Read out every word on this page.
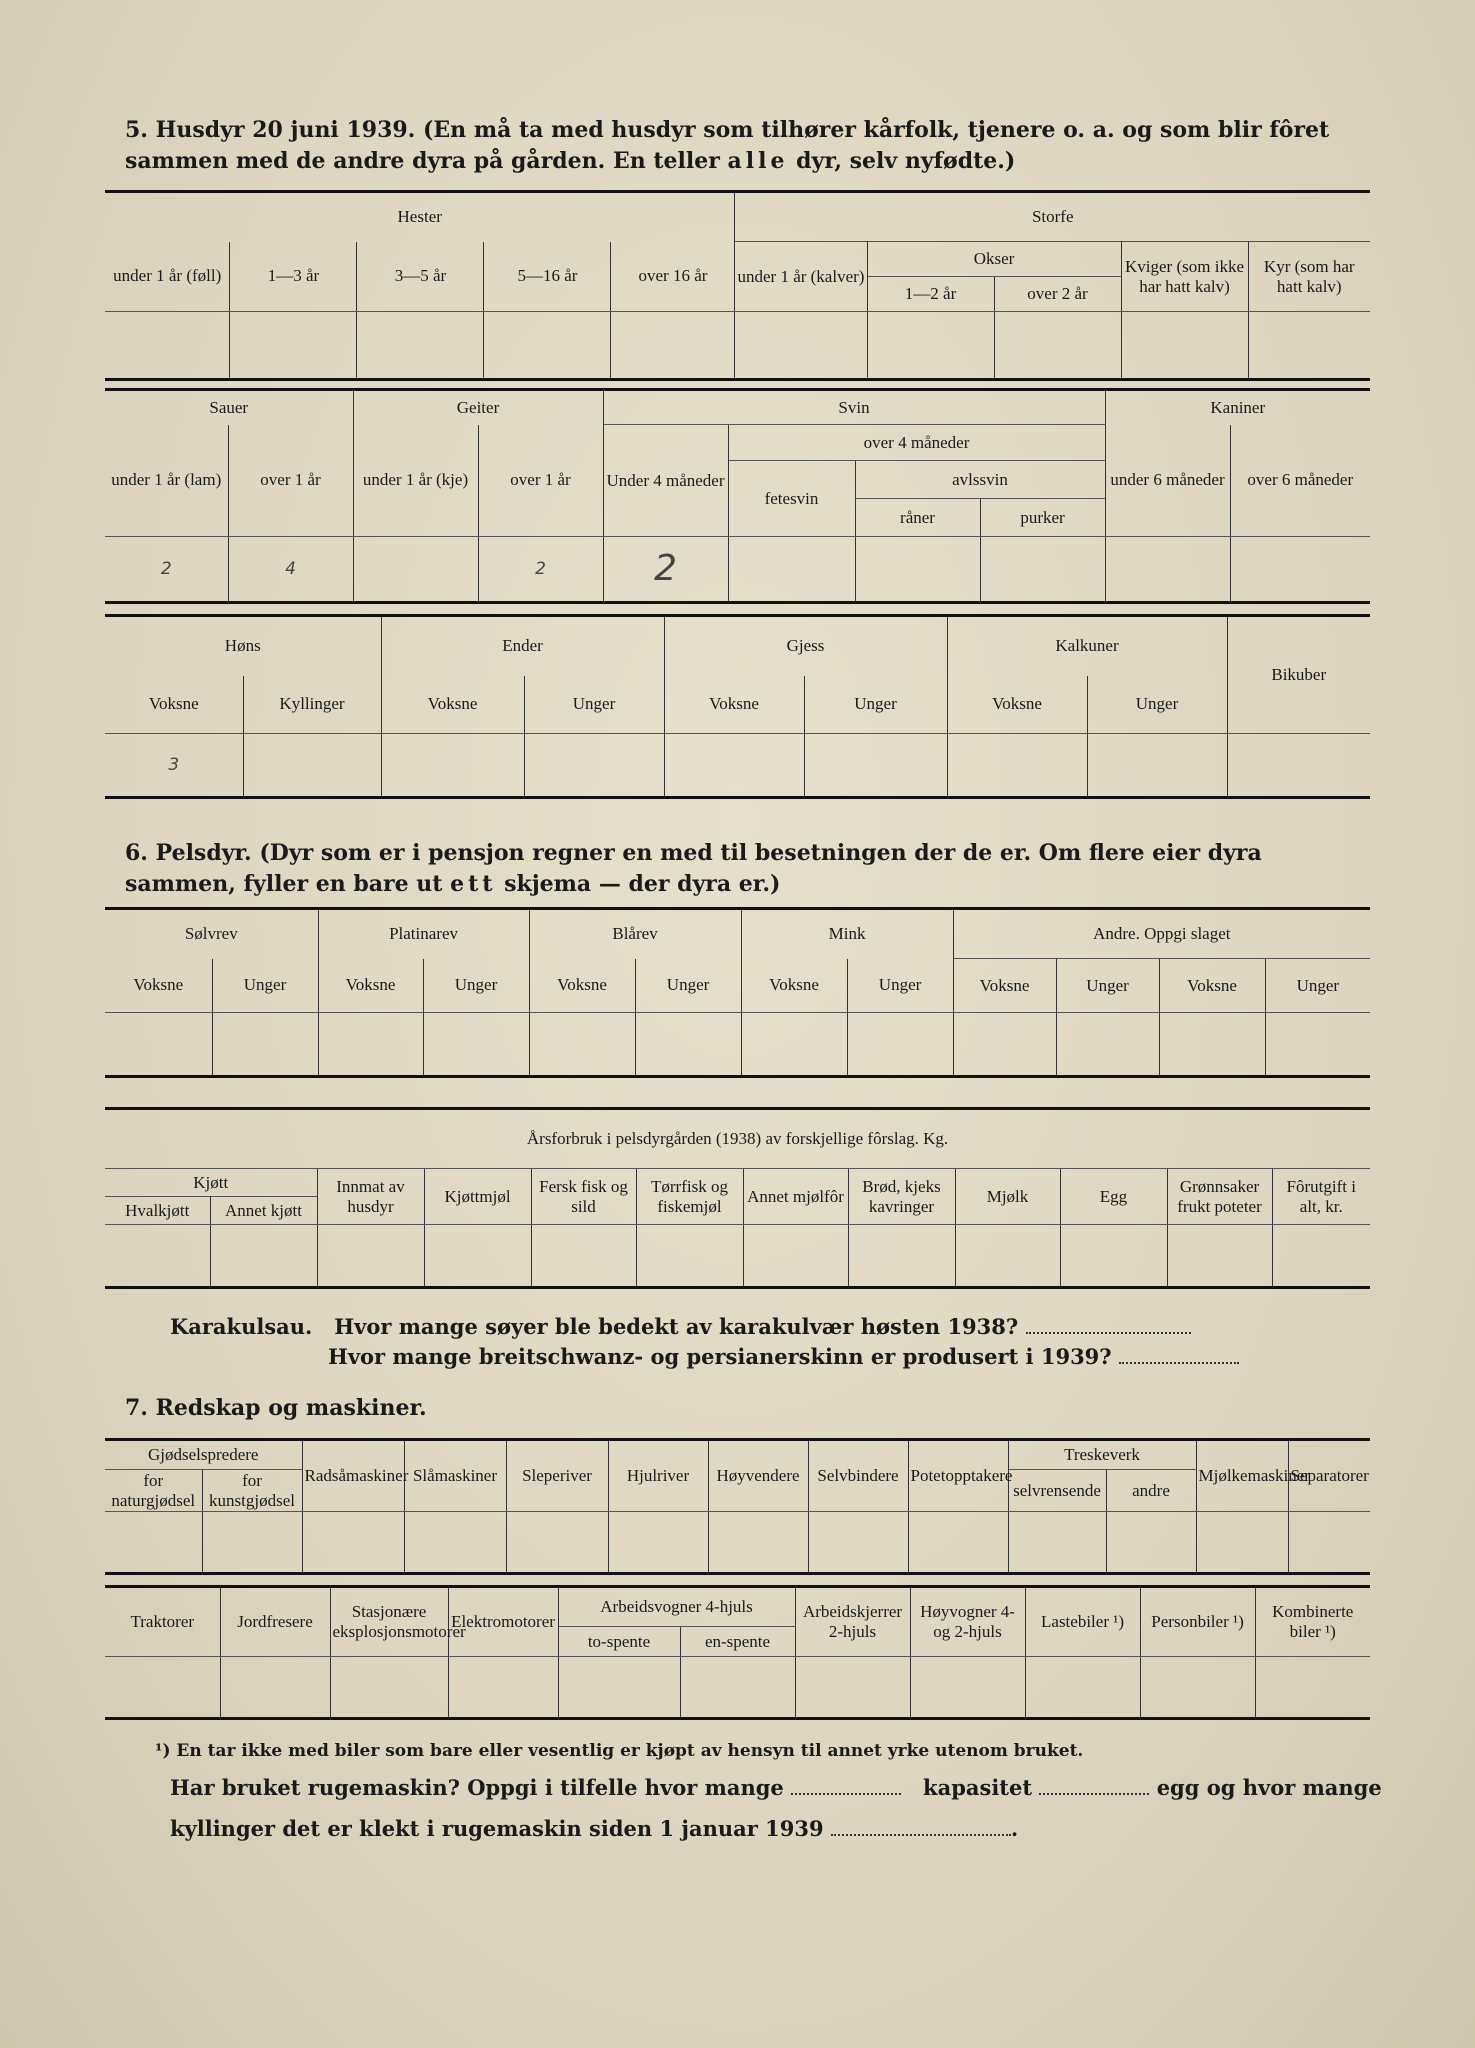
5. Husdyr 20 juni 1939. (En må ta med husdyr som tilhører kårfolk, tjenere o. a. og som blir fôret sammen med de andre dyra på gården. En teller alle dyr, selv nyfødte.)
Hester					Storfe				
under 1 år (føll)	1—3 år	3—5 år	5—16 år	over 16 år	under 1 år (kalver)	Okser		Kviger (som ikke har hatt kalv)	Kyr (som har hatt kalv)
						1—2 år	over 2 år		

Sauer		Geiter		Svin				Kaniner	
under 1 år (lam)	over 1 år	under 1 år (kje)	over 1 år	Under 4 måneder	over 4 måneder			under 6 måneder	over 6 måneder
					fetesvin	avlssvin			
						råner	purker		
2	4		2	2					
Høns		Ender		Gjess		Kalkuner		Bikuber
Voksne	Kyllinger	Voksne	Unger	Voksne	Unger	Voksne	Unger	
3								
6. Pelsdyr. (Dyr som er i pensjon regner en med til besetningen der de er. Om flere eier dyra sammen, fyller en bare ut ett skjema — der dyra er.)
Sølvrev		Platinarev		Blårev		Mink		Andre. Oppgi slaget			
Voksne	Unger	Voksne	Unger	Voksne	Unger	Voksne	Unger	Voksne	Unger	Voksne	Unger

Årsforbruk i pelsdyrgården (1938) av forskjellige fôrslag. Kg.											
Kjøtt		Innmat av husdyr	Kjøttmjøl	Fersk fisk og sild	Tørrfisk og fiskemjøl	Annet mjølfôr	Brød, kjeks kavringer	Mjølk	Egg	Grønnsaker frukt poteter	Fôrutgift i alt, kr.
Hvalkjøtt	Annet kjøtt										

Karakulsau. Hvor mange søyer ble bedekt av karakulvær høsten 1938?
Hvor mange breitschwanz- og persianerskinn er produsert i 1939?
7. Redskap og maskiner.
Gjødselspredere		Radsåmaskiner	Slåmaskiner	Sleperiver	Hjulriver	Høyvendere	Selvbindere	Potetopptakere	Treskeverk		Mjølkemaskiner	Separatorer
for naturgjødsel	for kunstgjødsel								selvrensende	andre		

Traktorer	Jordfreserе	Stasjonære eksplosjonsmotorer	Elektromotorer	Arbeidsvogner 4-hjuls		Arbeidskjerrer 2-hjuls	Høyvogner 4- og 2-hjuls	Lastebiler ¹)	Personbiler ¹)	Kombinerte biler ¹)
				to-spente	en-spente					

¹) En tar ikke med biler som bare eller vesentlig er kjøpt av hensyn til annet yrke utenom bruket.
Har bruket rugemaskin? Oppgi i tilfelle hvor mange	kapasitet	egg og hvor mange
kyllinger det er klekt i rugemaskin siden 1 januar 1939	.
